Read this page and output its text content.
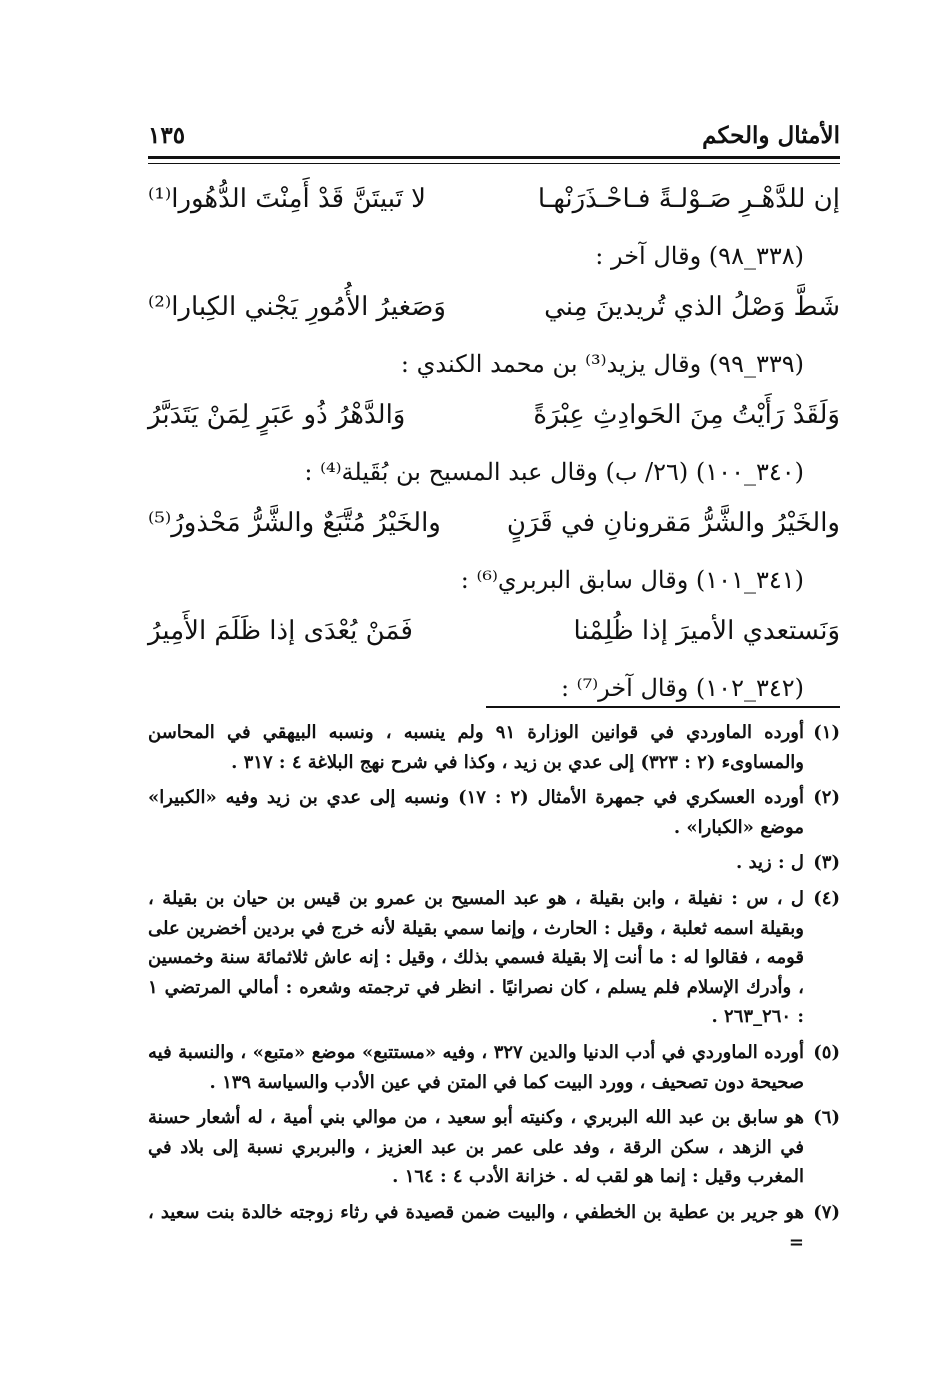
الأمثال والحكم
١٣٥
إن للدَّهْـرِ صَـوْلـةً فـاحْـذَرَنْهـا
لا تَبيتَنَّ قَدْ أَمِنْتَ الدُّهُورا⁽¹⁾
(٣٣٨_٩٨) وقال آخر :
شَطَّ وَصْلُ الذي تُريدينَ مِني
وَصَغيرُ الأُمُورِ يَجْني الكِبارا⁽²⁾
(٣٣٩_٩٩) وقال يزيد⁽³⁾ بن محمد الكندي :
وَلَقَدْ رَأَيْتُ مِنَ الحَوادِثِ عِبْرَةً
وَالدَّهْرُ ذُو عَبَرٍ لِمَنْ يَتَدَبَّرُ
(٣٤٠_١٠٠) (٢٦/ ب) وقال عبد المسيح بن بُقَيلة⁽⁴⁾ :
والخَيْرُ والشَّرُّ مَقرونانِ في قَرَنٍ
والخَيْرُ مُتَّبَعٌ والشَّرُّ مَحْذورُ⁽⁵⁾
(٣٤١_١٠١) وقال سابق البربري⁽⁶⁾ :
وَنَستعدي الأميرَ إذا ظُلِمْنا
فَمَنْ يُعْدَى إذا ظَلَمَ الأَمِيرُ
(٣٤٢_١٠٢) وقال آخر⁽⁷⁾ :
(١)
أورده الماوردي في قوانين الوزارة ٩١ ولم ينسبه ، ونسبه البيهقي في المحاسن والمساوىء (٢ : ٣٢٣) إلى عدي بن زيد ، وكذا في شرح نهج البلاغة ٤ : ٣١٧ .
(٢)
أورده العسكري في جمهرة الأمثال (٢ : ١٧) ونسبه إلى عدي بن زيد وفيه «الكبيرا» موضع «الكبارا» .
(٣)
ل : زيد .
(٤)
ل ، س : نفيلة ، وابن بقيلة ، هو عبد المسيح بن عمرو بن قيس بن حيان بن بقيلة ، وبقيلة اسمه ثعلبة ، وقيل : الحارث ، وإنما سمي بقيلة لأنه خرج في بردين أخضرين على قومه ، فقالوا له : ما أنت إلا بقيلة فسمي بذلك ، وقيل : إنه عاش ثلاثمائة سنة وخمسين ، وأدرك الإسلام فلم يسلم ، كان نصرانيًا . انظر في ترجمته وشعره : أمالي المرتضي ١ : ٢٦٠_٢٦٣ .
(٥)
أورده الماوردي في أدب الدنيا والدين ٣٢٧ ، وفيه «مستتبع» موضع «متبع» ، والنسبة فيه صحيحة دون تصحيف ، وورد البيت كما في المتن في عين الأدب والسياسة ١٣٩ .
(٦)
هو سابق بن عبد الله البربري ، وكنيته أبو سعيد ، من موالي بني أمية ، له أشعار حسنة في الزهد ، سكن الرقة ، وفد على عمر بن عبد العزيز ، والبربري نسبة إلى بلاد في المغرب وقيل : إنما هو لقب له . خزانة الأدب ٤ : ١٦٤ .
(٧)
هو جرير بن عطية بن الخطفي ، والبيت ضمن قصيدة في رثاء زوجته خالدة بنت سعيد ، =
